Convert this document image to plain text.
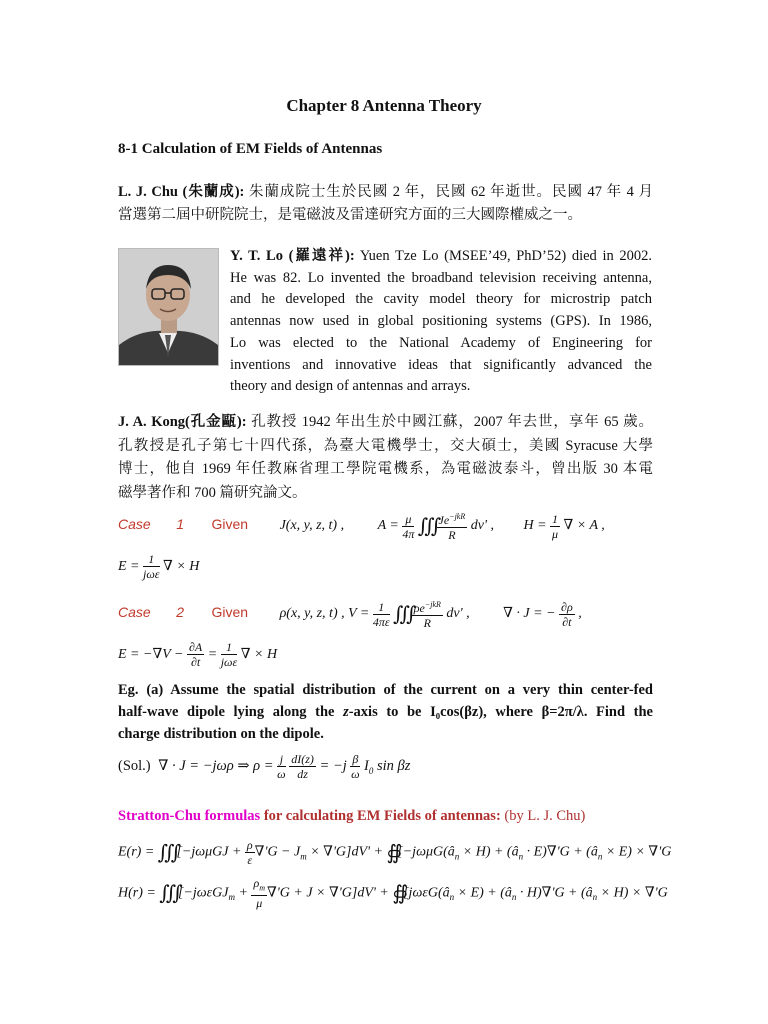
Chapter 8 Antenna Theory
8-1 Calculation of EM Fields of Antennas
L. J. Chu (朱蘭成): 朱蘭成院士生於民國 2 年，民國 62 年逝世。民國 47 年 4 月
當選第二屆中研院院士，是電磁波及雷達研究方面的三大國際權威之一。
Y. T. Lo (羅遠祥): Yuen Tze Lo (MSEE’49, PhD’52) died in 2002.
He was 82. Lo invented the broadband television receiving antenna,
and he developed the cavity model theory for microstrip patch
antennas now used in global positioning systems (GPS). In 1986,
Lo was elected to the National Academy of Engineering for
inventions and innovative ideas that significantly advanced the
theory and design of antennas and arrays.
J. A. Kong(孔金甌): 孔教授 1942 年出生於中國江蘇，2007 年去世，享年 65 歲。
孔教授是孔子第七十四代孫，為臺大電機學士，交大碩士，美國 Syracuse 大學
博士，他自 1969 年任教麻省理工學院電機系，為電磁波泰斗，曾出版 30 本電
磁學著作和 700 篇研究論文。
Case 1 Given J(x, y, z, t) , $A = \frac{\mu}{4\pi}$ ∭ $\frac{Je^{-jkR}}{R} dv'$ , $H = \frac{1}{\mu}$ ∇ × A ,
$E = \frac{1}{\text{jωε}}$ ∇ × H
Case 2 Given ρ(x, y, z, t) , $V = \frac{1}{4\pi\varepsilon}$ ∭ $\frac{\rho e^{-jkR}}{R} dv'$ , ∇ · J = − $\frac{\partial\rho}{\partial t}$ ,
$E = -\nabla V - \frac{\partial A}{\partial t} = \frac{1}{\text{jωε}}$ ∇ × H
Eg. (a) Assume the spatial distribution of the current on a very thin center-fed
half-wave dipole lying along the z-axis to be I₀cos(βz), where β=2π/λ. Find the
charge distribution on the dipole.
(Sol.) ∇ · J = −jωρ ⇒ $\rho = \frac{j}{\omega}$
$\frac{dI(z)}{dz} = -j \frac{\beta}{\omega} I_0$ sin βz
Stratton-Chu formulas for calculating EM Fields of antennas: (by L. J. Chu)
E(r) = ∭[−jωμGJ + $\frac{\rho}{\varepsilon} \nabla'G - J_m \times \nabla'G]dV'$ + $∯[-j\omega\mu G(â_n \times H)$ + $(â_n \cdot E)\nabla'G$ + $(â_n \times E) \times \nabla'G$
H(r) = ∭[−jωεGJ$_m$ + $\frac{\rho_m}{\mu} \nabla'G + J \times \nabla'G]dV'$ + $∯[j\omega\varepsilon G(â_n \times E)$ + $(â_n \cdot H)\nabla'G$ + $(â_n \times H) \times \nabla'G$
